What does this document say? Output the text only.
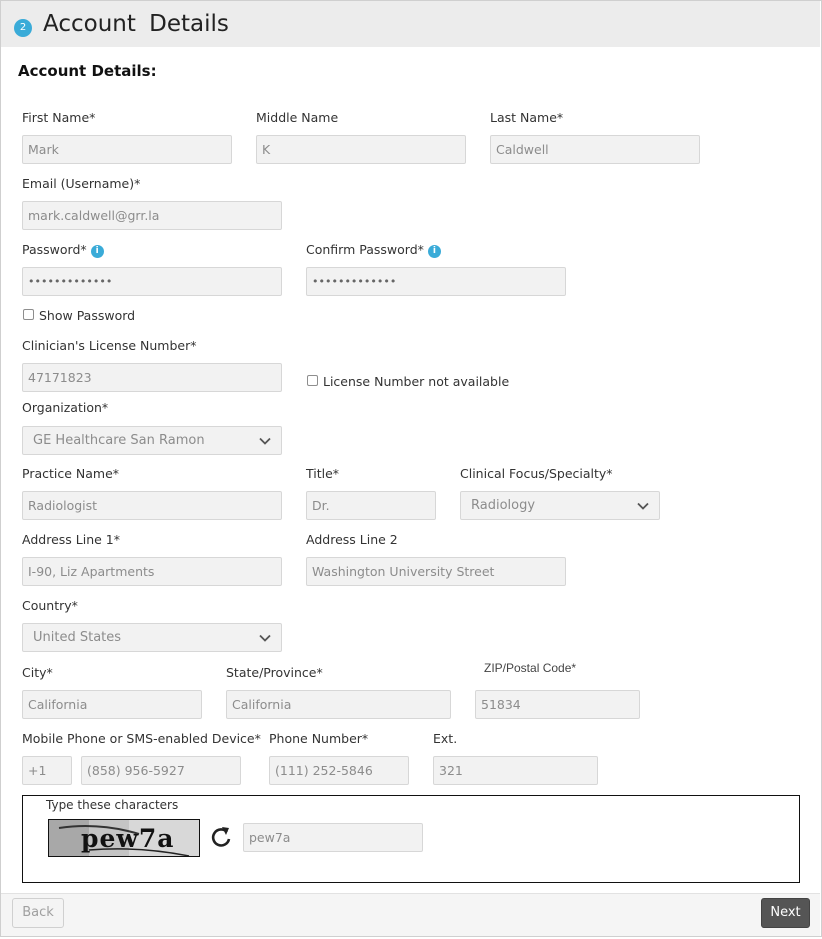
2 Account Details
Account Details:
First Name*
Mark
Middle Name
K
Last Name*
Caldwell
Email (Username)*
mark.caldwell@grr.la
Password* i
•••••••••••••
Confirm Password* i
•••••••••••••
Show Password
Clinician's License Number*
47171823	License Number not available
Organization*
GE Healthcare San Ramon
Practice Name*
Radiologist
Title*
Dr.
Clinical Focus/Specialty*
Radiology
Address Line 1*
I-90, Liz Apartments
Address Line 2
Washington University Street
Country*
United States
City*
California
State/Province*
California
ZIP/Postal Code*
51834
Mobile Phone or SMS-enabled Device*
+1	(858) 956-5927
Phone Number*
(111) 252-5846
Ext.
321
Type these characters
pew7a	pew7a
Back	Next
